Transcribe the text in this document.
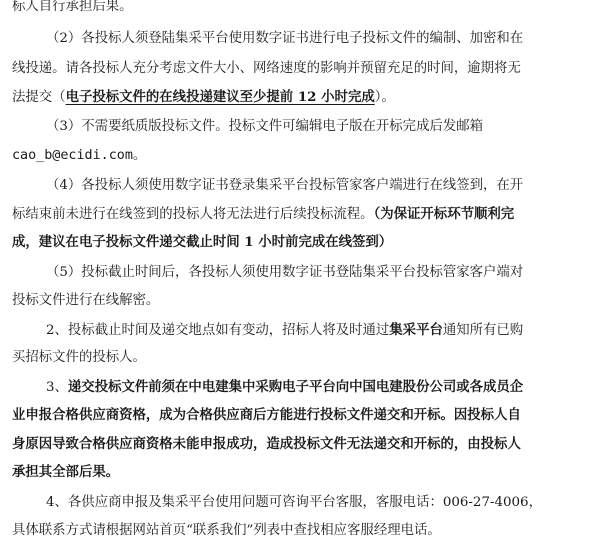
标人自行承担后果。
（2）各投标人须登陆集采平台使用数字证书进行电子投标文件的编制、加密和在
线投递。请各投标人充分考虑文件大小、网络速度的影响并预留充足的时间，逾期将无
法提交（电子投标文件的在线投递建议至少提前 12 小时完成）。
（3）不需要纸质版投标文件。投标文件可编辑电子版在开标完成后发邮箱
cao_b@ecidi.com。
（4）各投标人须使用数字证书登录集采平台投标管家客户端进行在线签到，在开
标结束前未进行在线签到的投标人将无法进行后续投标流程。（为保证开标环节顺利完
成，建议在电子投标文件递交截止时间 1 小时前完成在线签到）
（5）投标截止时间后，各投标人须使用数字证书登陆集采平台投标管家客户端对
投标文件进行在线解密。
2、投标截止时间及递交地点如有变动，招标人将及时通过集采平台通知所有已购
买招标文件的投标人。
3、递交投标文件前须在中电建集中采购电子平台向中国电建股份公司或各成员企
业申报合格供应商资格，成为合格供应商后方能进行投标文件递交和开标。因投标人自
身原因导致合格供应商资格未能申报成功，造成投标文件无法递交和开标的，由投标人
承担其全部后果。
4、各供应商申报及集采平台使用问题可咨询平台客服，客服电话：006-27-4006，
具体联系方式请根据网站首页“联系我们”列表中查找相应客服经理电话。
